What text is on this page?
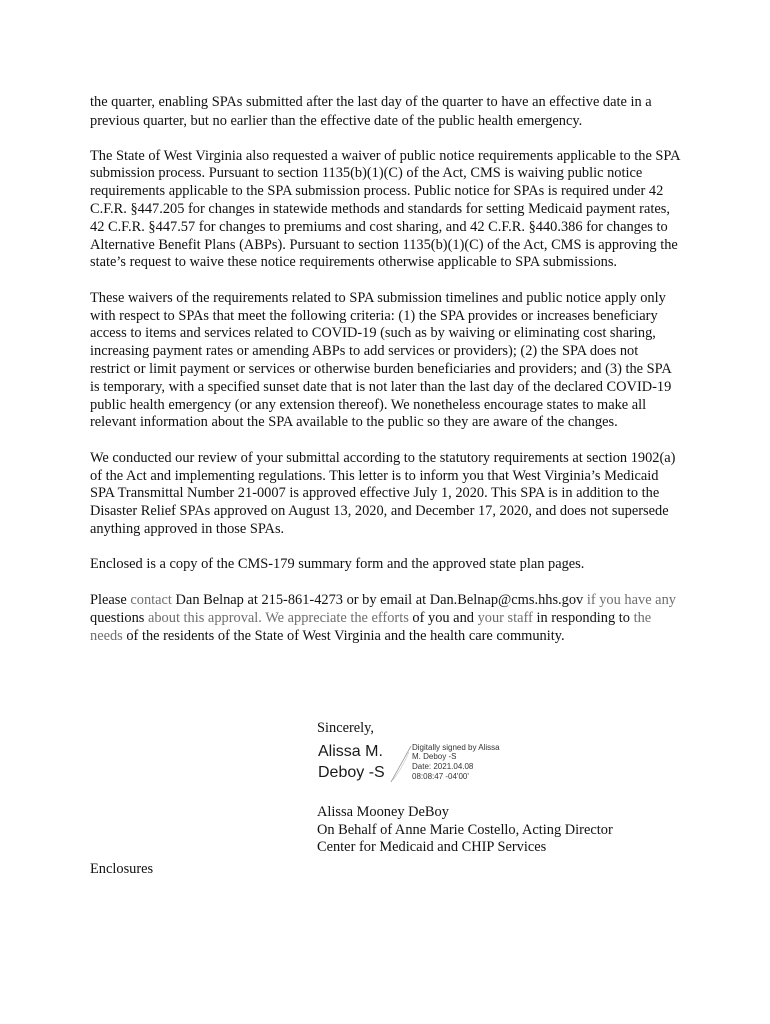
the quarter, enabling SPAs submitted after the last day of the quarter to have an effective date in a previous quarter, but no earlier than the effective date of the public health emergency.

The State of West Virginia also requested a waiver of public notice requirements applicable to the SPA submission process. Pursuant to section 1135(b)(1)(C) of the Act, CMS is waiving public notice requirements applicable to the SPA submission process. Public notice for SPAs is required under 42 C.F.R. §447.205 for changes in statewide methods and standards for setting Medicaid payment rates, 42 C.F.R. §447.57 for changes to premiums and cost sharing, and 42 C.F.R. §440.386 for changes to Alternative Benefit Plans (ABPs). Pursuant to section 1135(b)(1)(C) of the Act, CMS is approving the state’s request to waive these notice requirements otherwise applicable to SPA submissions.

These waivers of the requirements related to SPA submission timelines and public notice apply only with respect to SPAs that meet the following criteria: (1) the SPA provides or increases beneficiary access to items and services related to COVID-19 (such as by waiving or eliminating cost sharing, increasing payment rates or amending ABPs to add services or providers); (2) the SPA does not restrict or limit payment or services or otherwise burden beneficiaries and providers; and (3) the SPA is temporary, with a specified sunset date that is not later than the last day of the declared COVID-19 public health emergency (or any extension thereof). We nonetheless encourage states to make all relevant information about the SPA available to the public so they are aware of the changes.

We conducted our review of your submittal according to the statutory requirements at section 1902(a) of the Act and implementing regulations. This letter is to inform you that West Virginia’s Medicaid SPA Transmittal Number 21-0007 is approved effective July 1, 2020. This SPA is in addition to the Disaster Relief SPAs approved on August 13, 2020, and December 17, 2020, and does not supersede anything approved in those SPAs.

Enclosed is a copy of the CMS-179 summary form and the approved state plan pages.

Please contact Dan Belnap at 215-861-4273 or by email at Dan.Belnap@cms.hhs.gov if you have any questions about this approval. We appreciate the efforts of you and your staff in responding to the needs of the residents of the State of West Virginia and the health care community.

Sincerely,

Alissa M.
Deboy -S
Digitally signed by Alissa
M. Deboy -S
Date: 2021.04.08
08:08:47 -04'00'

Alissa Mooney DeBoy

On Behalf of Anne Marie Costello, Acting Director

Center for Medicaid and CHIP Services

Enclosures
